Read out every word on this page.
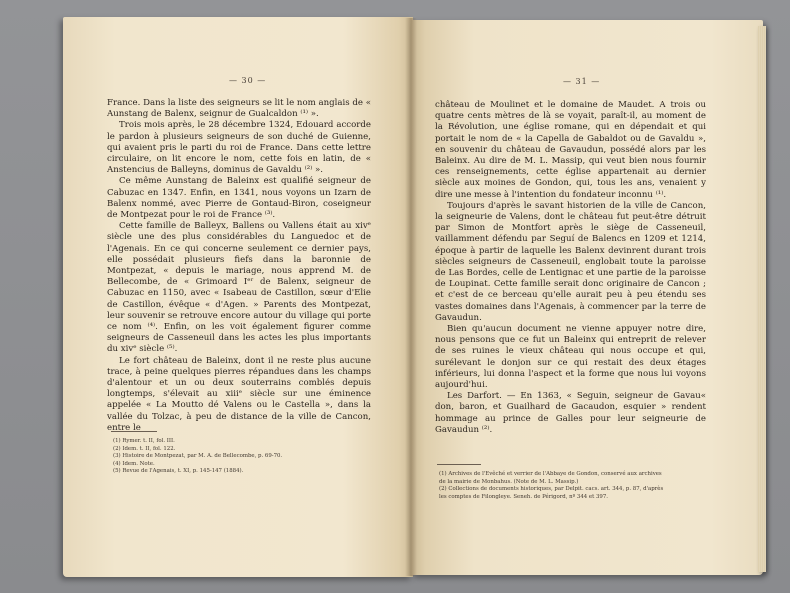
— 30 —

France. Dans la liste des seigneurs se lit le nom anglais de « Aunstang de Balenx, seignur de Gualcaldon ⁽¹⁾ ».

Trois mois après, le 28 décembre 1324, Edouard accorde le pardon à plusieurs seigneurs de son duché de Guienne, qui avaient pris le parti du roi de France. Dans cette lettre circulaire, on lit encore le nom, cette fois en latin, de « Anstencius de Balleyns, dominus de Gavaldu ⁽²⁾ ».

Ce même Aunstang de Baleinx est qualifié seigneur de Cabuzac en 1347. Enfin, en 1341, nous voyons un Izarn de Balenx nommé, avec Pierre de Gontaud-Biron, coseigneur de Montpezat pour le roi de France ⁽³⁾.

Cette famille de Balleyx, Ballens ou Vallens était au xivᵉ siècle une des plus considérables du Languedoc et de l'Agenais. En ce qui concerne seulement ce dernier pays, elle possédait plusieurs fiefs dans la baronnie de Montpezat, « depuis le mariage, nous apprend M. de Bellecombe, de « Grimoard Iᵉʳ de Balenx, seigneur de Cabuzac en 1150, avec « Isabeau de Castillon, sœur d'Elie de Castillon, évêque « d'Agen. » Parents des Montpezat, leur souvenir se retrouve encore autour du village qui porte ce nom ⁽⁴⁾. Enfin, on les voit également figurer comme seigneurs de Casseneuil dans les actes les plus importants du xivᵉ siècle ⁽⁵⁾.

Le fort château de Baleinx, dont il ne reste plus aucune trace, à peine quelques pierres répandues dans les champs d'alentour et un ou deux souterrains comblés depuis longtemps, s'élevait au xiiiᵉ siècle sur une éminence appelée « La Moutto dé Valens ou le Castella », dans la vallée du Tolzac, à peu de distance de la ville de Cancon, entre le

(1) Rymer. t. II, fol. III.
(2) Idem. t. II, fol. 122.
(3) Histoire de Montpezat, par M. A. de Bellecombe, p. 69-70.
(4) Idem. Note.
(5) Revue de l'Agenais, t. XI, p. 145-147 (1884).
— 31 —

château de Moulinet et le domaine de Maudet. A trois ou quatre cents mètres de là se voyait, paraît-il, au moment de la Révolution, une église romane, qui en dépendait et qui portait le nom de « la Capella de Gabaldot ou de Gavaldu », en souvenir du château de Gavaudun, possédé alors par les Baleinx. Au dire de M. L. Massip, qui veut bien nous fournir ces renseignements, cette église appartenait au dernier siècle aux moines de Gondon, qui, tous les ans, venaient y dire une messe à l'intention du fondateur inconnu ⁽¹⁾.

Toujours d'après le savant historien de la ville de Cancon, la seigneurie de Valens, dont le château fut peut-être détruit par Simon de Montfort après le siège de Casseneuil, vaillamment défendu par Seguí de Balencs en 1209 et 1214, époque à partir de laquelle les Balenx devinrent durant trois siècles seigneurs de Casseneuil, englobait toute la paroisse de Las Bordes, celle de Lentignac et une partie de la paroisse de Loupinat. Cette famille serait donc originaire de Cancon ; et c'est de ce berceau qu'elle aurait peu à peu étendu ses vastes domaines dans l'Agenais, à commencer par la terre de Gavaudun.

Bien qu'aucun document ne vienne appuyer notre dire, nous pensons que ce fut un Baleinx qui entreprit de relever de ses ruines le vieux château qui nous occupe et qui, surélevant le donjon sur ce qui restait des deux étages inférieurs, lui donna l'aspect et la forme que nous lui voyons aujourd'hui.

Les Darfort. — En 1363, « Seguin, seigneur de Gavau« don, baron, et Guailhard de Gacaudon, esquier » rendent hommage au prince de Galles pour leur seigneurie de Gavaudun ⁽²⁾.

(1) Archives de l'Evêché et verrier de l'Abbaye de Gondon, conservé aux archives
de la mairie de Monbahus. (Note de M. L. Massip.)
(2) Collections de documents historiques, par Delpit. cacs. art. 344, p. 87, d'après
les comptes de Filongleye. Seneh. de Périgord, nº 344 et 397.
